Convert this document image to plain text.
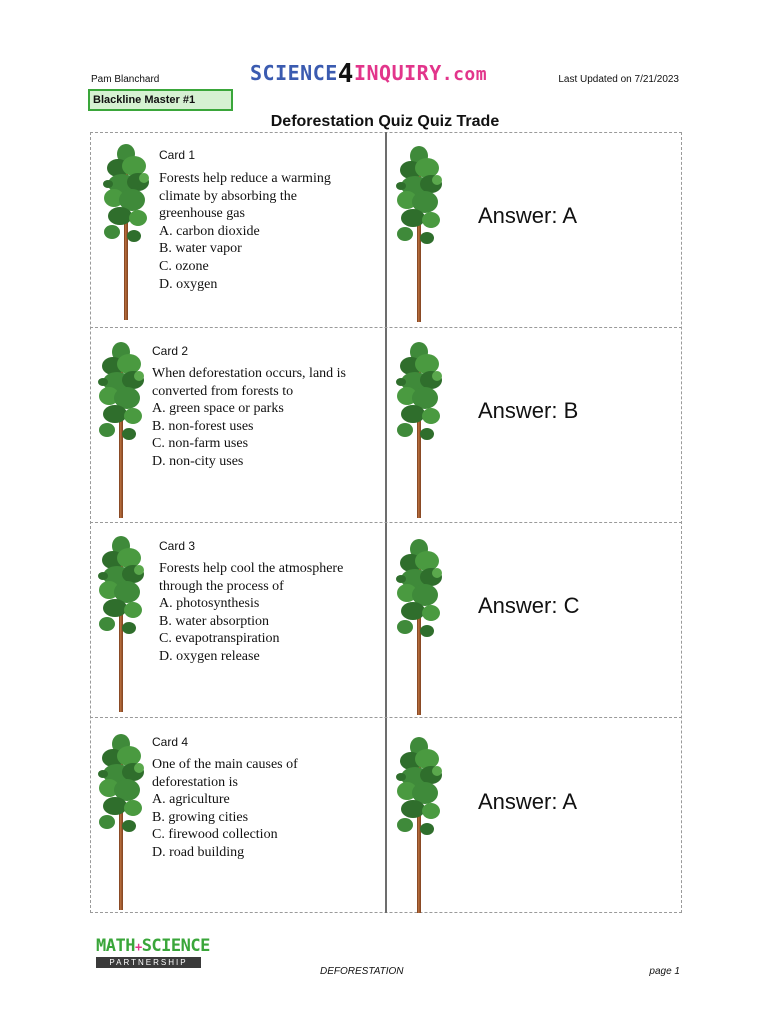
Pam Blanchard	SCIENCE4INQUIRY.com	Last Updated on 7/21/2023
Blackline Master #1
Deforestation Quiz Quiz Trade
Card 1
Forests help reduce a warming
climate by absorbing the
greenhouse gas
A. carbon dioxide
B. water vapor
C. ozone
D. oxygen
Answer: A
Card 2
When deforestation occurs, land is
converted from forests to
A. green space or parks
B. non-forest uses
C. non-farm uses
D. non-city uses
Answer: B
Card 3
Forests help cool the atmosphere
through the process of
A. photosynthesis
B. water absorption
C. evapotranspiration
D. oxygen release
Answer: C
Card 4
One of the main causes of
deforestation is
A. agriculture
B. growing cities
C. firewood collection
D. road building
Answer: A
MATH+SCIENCE
PARTNERSHIP
DEFORESTATION	page 1
